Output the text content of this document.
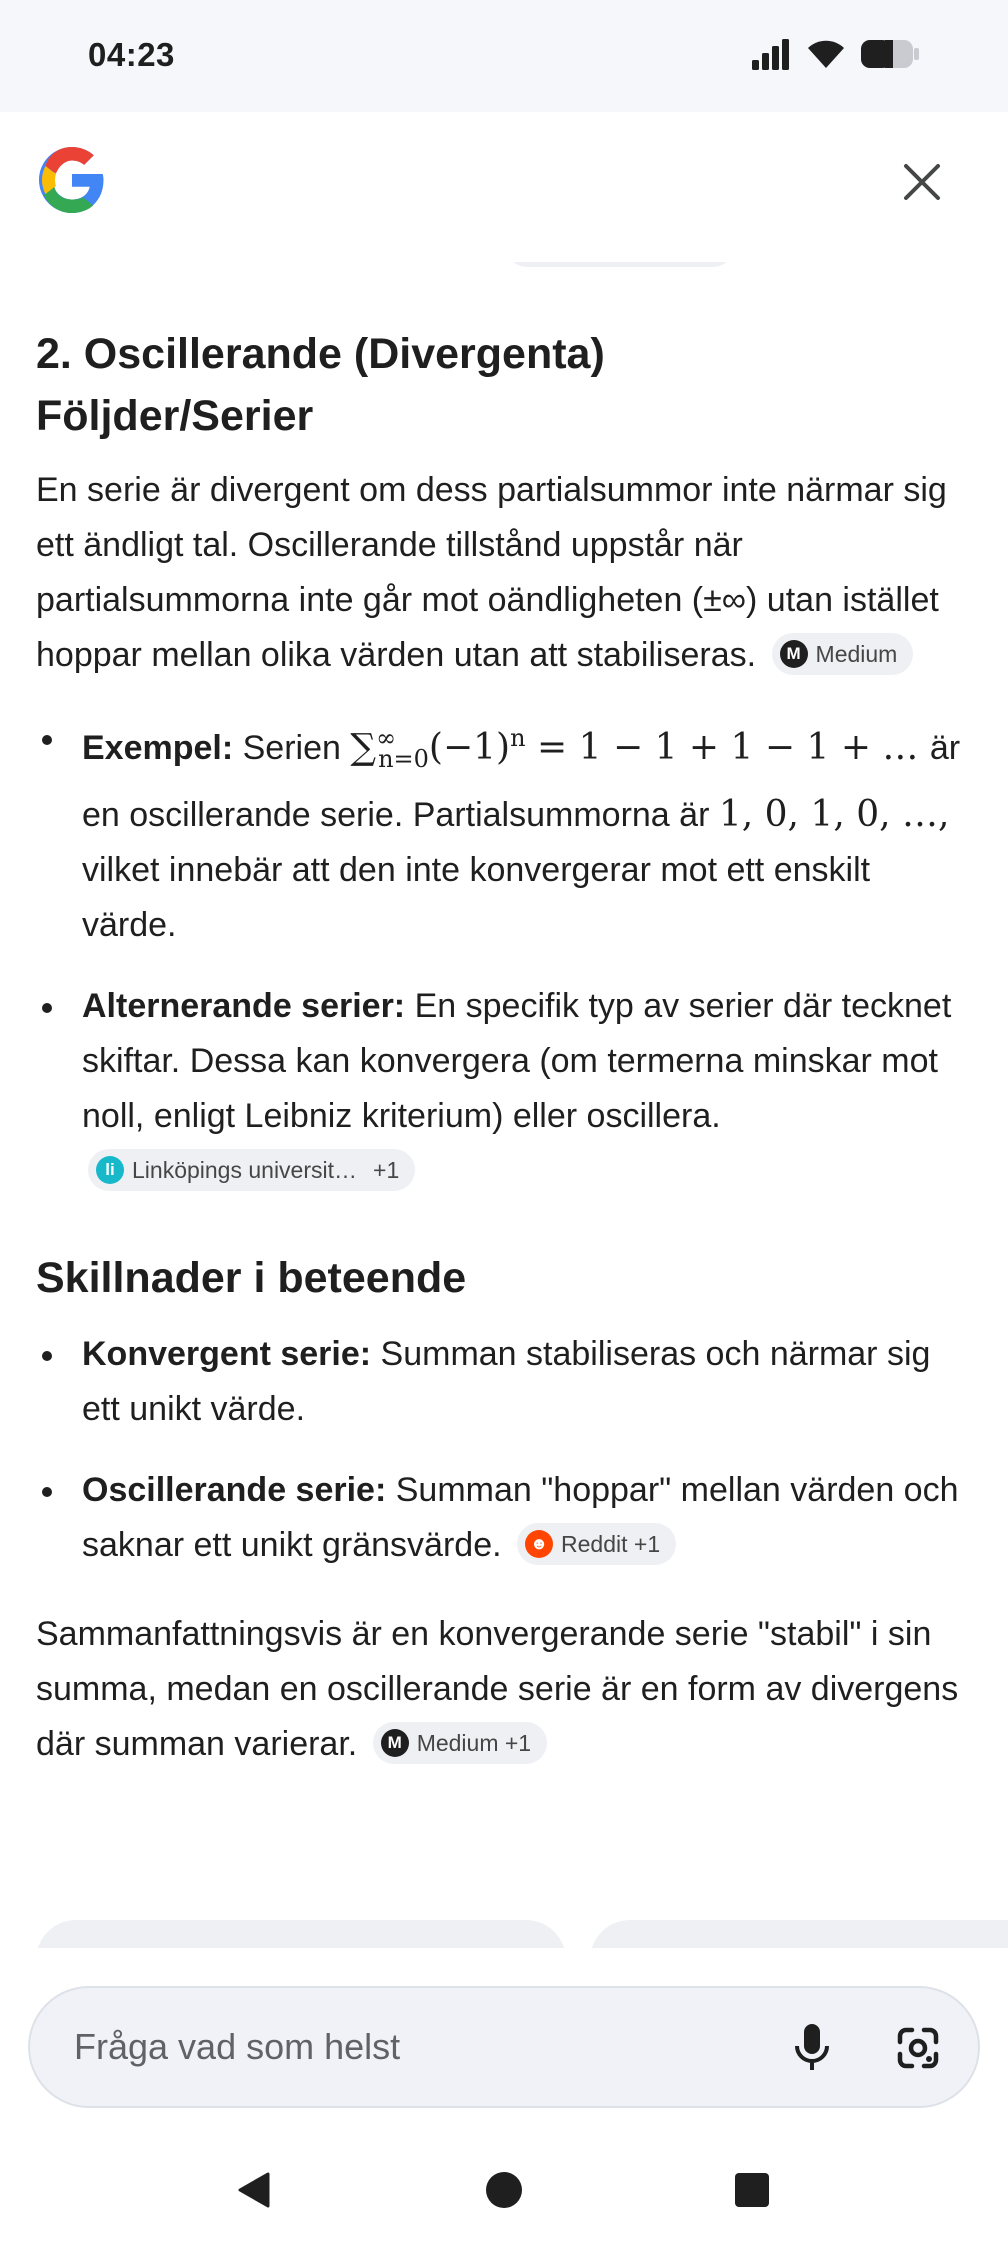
04:23
2. Oscillerande (Divergenta)
Följder/Serier
En serie är divergent om dess partialsummor inte närmar sig ett ändligt tal. Oscillerande tillstånd uppstår när partialsummorna inte går mot oändligheten (±∞) utan istället hoppar mellan olika värden utan att stabiliseras.	M Medium
Exempel: Serien $\sum^\infty_{n=0}(-1)^n = 1 - 1 + 1 - 1$ + … är en oscillerande serie. Partialsummorna är 1, 0, 1, 0, …, vilket innebär att den inte konvergerar mot ett enskilt värde.
Alternerande serier: En specifik typ av serier där tecknet skiftar. Dessa kan konvergera (om termerna minskar mot noll, enligt Leibniz kriterium) eller oscillera.
li Linköpings universit… +1
Skillnader i beteende
Konvergent serie: Summan stabiliseras och närmar sig ett unikt värde.
Oscillerande serie: Summan "hoppar" mellan värden och saknar ett unikt gränsvärde. ☻ Reddit +1
Sammanfattningsvis är en konvergerande serie "stabil" i sin summa, medan en oscillerande serie är en form av divergens där summan varierar.	M Medium +1
Fråga vad som helst
